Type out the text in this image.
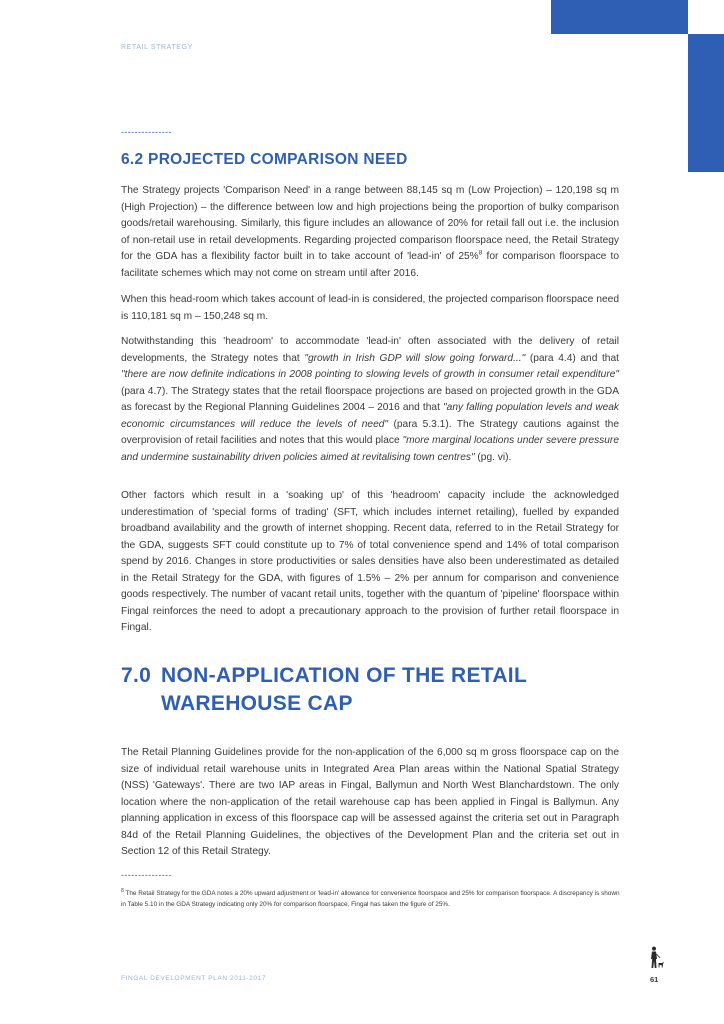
RETAIL STRATEGY
---------------
6.2 PROJECTED COMPARISON NEED

The Strategy projects 'Comparison Need' in a range between 88,145 sq m (Low Projection) – 120,198 sq m (High Projection) – the difference between low and high projections being the proportion of bulky comparison goods/retail warehousing. Similarly, this figure includes an allowance of 20% for retail fall out i.e. the inclusion of non-retail use in retail developments. Regarding projected comparison floorspace need, the Retail Strategy for the GDA has a flexibility factor built in to take account of 'lead-in' of 25%$^8$ for comparison floorspace to facilitate schemes which may not come on stream until after 2016.

When this head-room which takes account of lead-in is considered, the projected comparison floorspace need is 110,181 sq m – 150,248 sq m.

Notwithstanding this 'headroom' to accommodate 'lead-in' often associated with the delivery of retail developments, the Strategy notes that "growth in Irish GDP will slow going forward..." (para 4.4) and that "there are now definite indications in 2008 pointing to slowing levels of growth in consumer retail expenditure" (para 4.7). The Strategy states that the retail floorspace projections are based on projected growth in the GDA as forecast by the Regional Planning Guidelines 2004 – 2016 and that "any falling population levels and weak economic circumstances will reduce the levels of need" (para 5.3.1). The Strategy cautions against the overprovision of retail facilities and notes that this would place "more marginal locations under severe pressure and undermine sustainability driven policies aimed at revitalising town centres" (pg. vi).

Other factors which result in a 'soaking up' of this 'headroom' capacity include the acknowledged underestimation of 'special forms of trading' (SFT, which includes internet retailing), fuelled by expanded broadband availability and the growth of internet shopping. Recent data, referred to in the Retail Strategy for the GDA, suggests SFT could constitute up to 7% of total convenience spend and 14% of total comparison spend by 2016. Changes in store productivities or sales densities have also been underestimated as detailed in the Retail Strategy for the GDA, with figures of 1.5% – 2% per annum for comparison and convenience goods respectively. The number of vacant retail units, together with the quantum of 'pipeline' floorspace within Fingal reinforces the need to adopt a precautionary approach to the provision of further retail floorspace in Fingal.

7.0 NON-APPLICATION OF THE RETAIL
WAREHOUSE CAP

The Retail Planning Guidelines provide for the non-application of the 6,000 sq m gross floorspace cap on the size of individual retail warehouse units in Integrated Area Plan areas within the National Spatial Strategy (NSS) 'Gateways'. There are two IAP areas in Fingal, Ballymun and North West Blanchardstown. The only location where the non-application of the retail warehouse cap has been applied in Fingal is Ballymun. Any planning application in excess of this floorspace cap will be assessed against the criteria set out in Paragraph 84d of the Retail Planning Guidelines, the objectives of the Development Plan and the criteria set out in Section 12 of this Retail Strategy.

---------------

$^8$ The Retail Strategy for the GDA notes a 20% upward adjustment or 'lead-in' allowance for convenience floorspace and 25% for comparison floorspace. A discrepancy is shown in Table 5.10 in the GDA Strategy indicating only 20% for comparison floorspace, Fingal has taken the figure of 25%.

FINGAL DEVELOPMENT PLAN 2011-2017	61
